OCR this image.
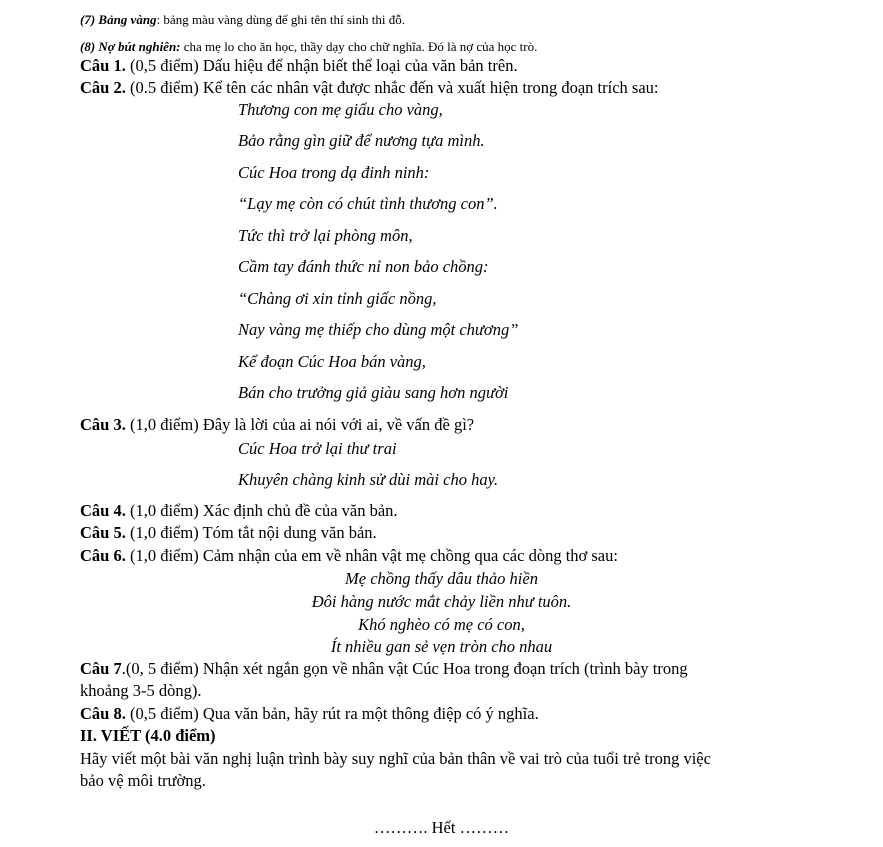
(7) Bảng vàng: bảng màu vàng dùng để ghi tên thí sinh thi đỗ.
(8) Nợ bút nghiên: cha mẹ lo cho ăn học, thầy dạy cho chữ nghĩa. Đó là nợ của học trò.
Câu 1. (0,5 điểm) Dấu hiệu để nhận biết thể loại của văn bản trên.
Câu 2. (0.5 điểm) Kể tên các nhân vật được nhắc đến và xuất hiện trong đoạn trích sau:
Thương con mẹ giấu cho vàng,
Bảo rằng gìn giữ để nương tựa mình.
Cúc Hoa trong dạ đinh ninh:
“Lạy mẹ còn có chút tình thương con”.
Tức thì trở lại phòng môn,
Cầm tay đánh thức nỉ non bảo chồng:
“Chàng ơi xin tỉnh giấc nồng,
Nay vàng mẹ thiếp cho dùng một chương”
Kể đoạn Cúc Hoa bán vàng,
Bán cho trưởng giả giàu sang hơn người
Câu 3. (1,0 điểm) Đây là lời của ai nói với ai, về vấn đề gì?
Cúc Hoa trở lại thư trai
Khuyên chàng kinh sử dùi mài cho hay.
Câu 4. (1,0 điểm) Xác định chủ đề của văn bản.
Câu 5. (1,0 điểm) Tóm tắt nội dung văn bản.
Câu 6. (1,0 điểm) Cảm nhận của em về nhân vật mẹ chồng qua các dòng thơ sau:
Mẹ chồng thấy dâu thảo hiền
Đôi hàng nước mắt chảy liền như tuôn.
Khó nghèo có mẹ có con,
Ít nhiều gan sẻ vẹn tròn cho nhau
Câu 7.(0, 5 điểm) Nhận xét ngắn gọn về nhân vật Cúc Hoa trong đoạn trích (trình bày trong
khoảng 3-5 dòng).
Câu 8. (0,5 điểm) Qua văn bản, hãy rút ra một thông điệp có ý nghĩa.
II. VIẾT (4.0 điểm)
Hãy viết một bài văn nghị luận trình bày suy nghĩ của bản thân về vai trò của tuổi trẻ trong việc
bảo vệ môi trường.
………. Hết ………
